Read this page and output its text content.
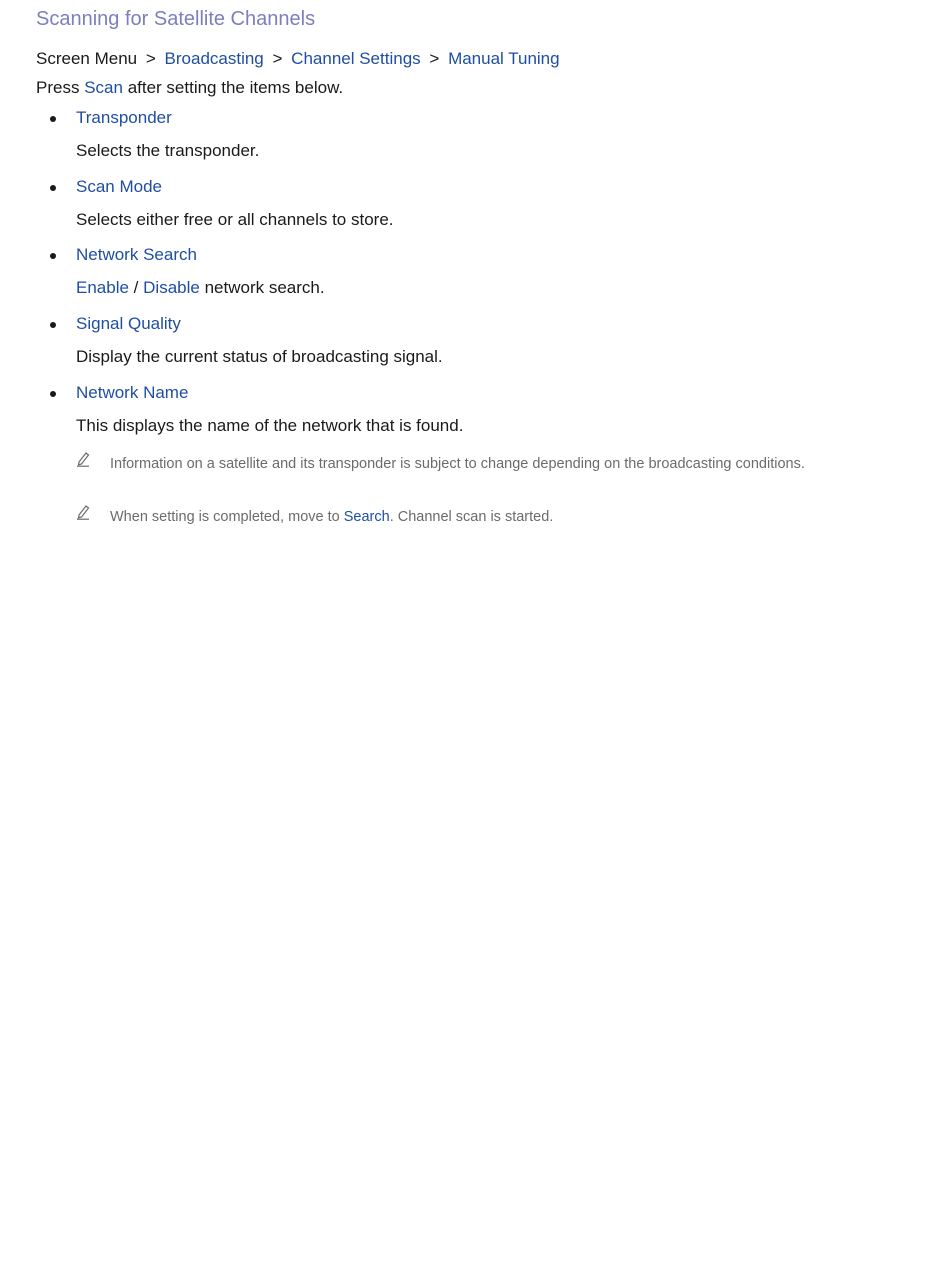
Scanning for Satellite Channels
Screen Menu > Broadcasting > Channel Settings > Manual Tuning
Press Scan after setting the items below.
Transponder
Selects the transponder.
Scan Mode
Selects either free or all channels to store.
Network Search
Enable / Disable network search.
Signal Quality
Display the current status of broadcasting signal.
Network Name
This displays the name of the network that is found.
Information on a satellite and its transponder is subject to change depending on the broadcasting conditions.
When setting is completed, move to Search. Channel scan is started.
